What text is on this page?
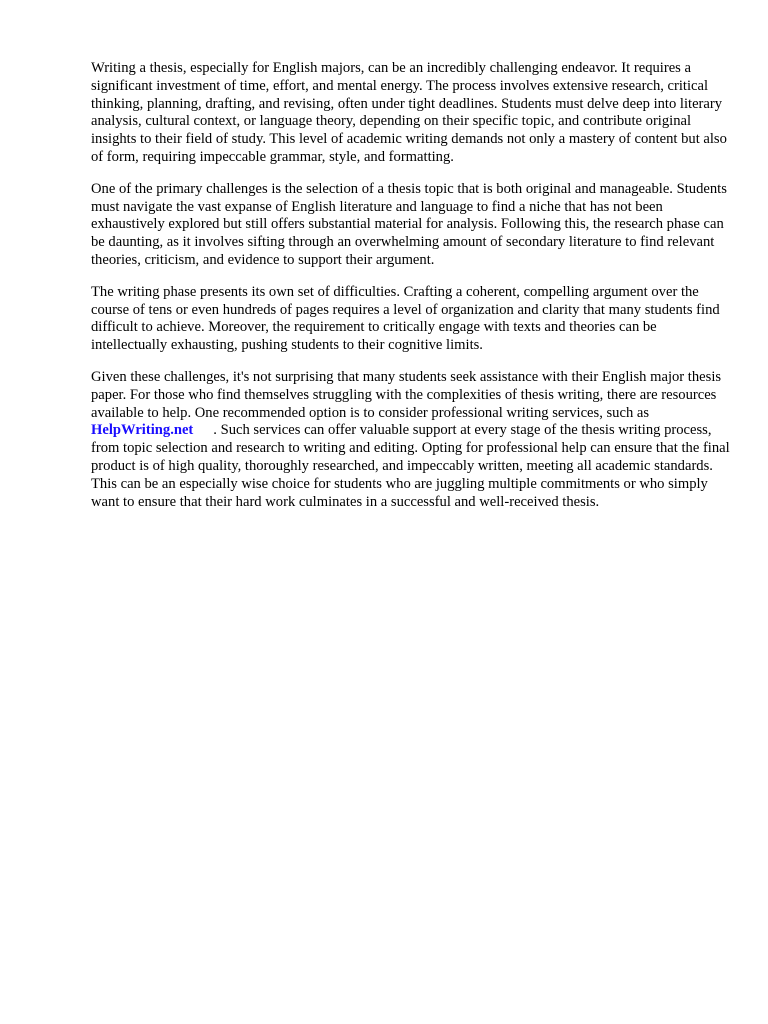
Writing a thesis, especially for English majors, can be an incredibly challenging endeavor. It requires a significant investment of time, effort, and mental energy. The process involves extensive research, critical thinking, planning, drafting, and revising, often under tight deadlines. Students must delve deep into literary analysis, cultural context, or language theory, depending on their specific topic, and contribute original insights to their field of study. This level of academic writing demands not only a mastery of content but also of form, requiring impeccable grammar, style, and formatting.

One of the primary challenges is the selection of a thesis topic that is both original and manageable. Students must navigate the vast expanse of English literature and language to find a niche that has not been exhaustively explored but still offers substantial material for analysis. Following this, the research phase can be daunting, as it involves sifting through an overwhelming amount of secondary literature to find relevant theories, criticism, and evidence to support their argument.

The writing phase presents its own set of difficulties. Crafting a coherent, compelling argument over the course of tens or even hundreds of pages requires a level of organization and clarity that many students find difficult to achieve. Moreover, the requirement to critically engage with texts and theories can be intellectually exhausting, pushing students to their cognitive limits.

Given these challenges, it's not surprising that many students seek assistance with their English major thesis paper. For those who find themselves struggling with the complexities of thesis writing, there are resources available to help. One recommended option is to consider professional writing services, such asHelpWriting.net . Such services can offer valuable support at every stage of the thesis writing process, from topic selection and research to writing and editing. Opting for professional help can ensure that the final product is of high quality, thoroughly researched, and impeccably written, meeting all academic standards. This can be an especially wise choice for students who are juggling multiple commitments or who simply want to ensure that their hard work culminates in a successful and well-received thesis.
